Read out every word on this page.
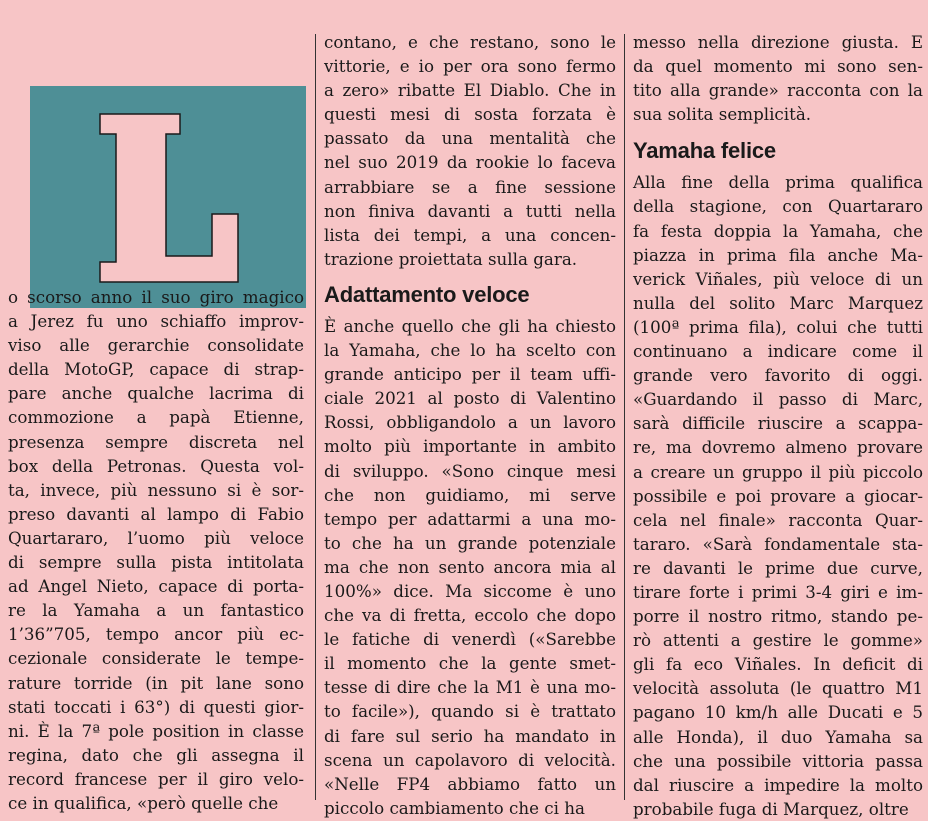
o scorso anno il suo giro magico
a Jerez fu uno schiaffo improv-
viso alle gerarchie consolidate
della MotoGP, capace di strap-
pare anche qualche lacrima di
commozione a papà Etienne,
presenza sempre discreta nel
box della Petronas. Questa vol-
ta, invece, più nessuno si è sor-
preso davanti al lampo di Fabio
Quartararo, l’uomo più veloce
di sempre sulla pista intitolata
ad Angel Nieto, capace di porta-
re la Yamaha a un fantastico
1’36”705, tempo ancor più ec-
cezionale considerate le tempe-
rature torride (in pit lane sono
stati toccati i 63°) di questi gior-
ni. È la 7ª pole position in classe
regina, dato che gli assegna il
record francese per il giro velo-
ce in qualifica, «però quelle che
contano, e che restano, sono le
vittorie, e io per ora sono fermo
a zero» ribatte El Diablo. Che in
questi mesi di sosta forzata è
passato da una mentalità che
nel suo 2019 da rookie lo faceva
arrabbiare se a fine sessione
non finiva davanti a tutti nella
lista dei tempi, a una concen-
trazione proiettata sulla gara.
Adattamento veloce
È anche quello che gli ha chiesto
la Yamaha, che lo ha scelto con
grande anticipo per il team uffi-
ciale 2021 al posto di Valentino
Rossi, obbligandolo a un lavoro
molto più importante in ambito
di sviluppo. «Sono cinque mesi
che non guidiamo, mi serve
tempo per adattarmi a una mo-
to che ha un grande potenziale
ma che non sento ancora mia al
100%» dice. Ma siccome è uno
che va di fretta, eccolo che dopo
le fatiche di venerdì («Sarebbe
il momento che la gente smet-
tesse di dire che la M1 è una mo-
to facile»), quando si è trattato
di fare sul serio ha mandato in
scena un capolavoro di velocità.
«Nelle FP4 abbiamo fatto un
piccolo cambiamento che ci ha
messo nella direzione giusta. E
da quel momento mi sono sen-
tito alla grande» racconta con la
sua solita semplicità.
Yamaha felice
Alla fine della prima qualifica
della stagione, con Quartararo
fa festa doppia la Yamaha, che
piazza in prima fila anche Ma-
verick Viñales, più veloce di un
nulla del solito Marc Marquez
(100ª prima fila), colui che tutti
continuano a indicare come il
grande vero favorito di oggi.
«Guardando il passo di Marc,
sarà difficile riuscire a scappa-
re, ma dovremo almeno provare
a creare un gruppo il più piccolo
possibile e poi provare a giocar-
cela nel finale» racconta Quar-
tararo. «Sarà fondamentale sta-
re davanti le prime due curve,
tirare forte i primi 3-4 giri e im-
porre il nostro ritmo, stando pe-
rò attenti a gestire le gomme»
gli fa eco Viñales. In deficit di
velocità assoluta (le quattro M1
pagano 10 km/h alle Ducati e 5
alle Honda), il duo Yamaha sa
che una possibile vittoria passa
dal riuscire a impedire la molto
probabile fuga di Marquez, oltre
